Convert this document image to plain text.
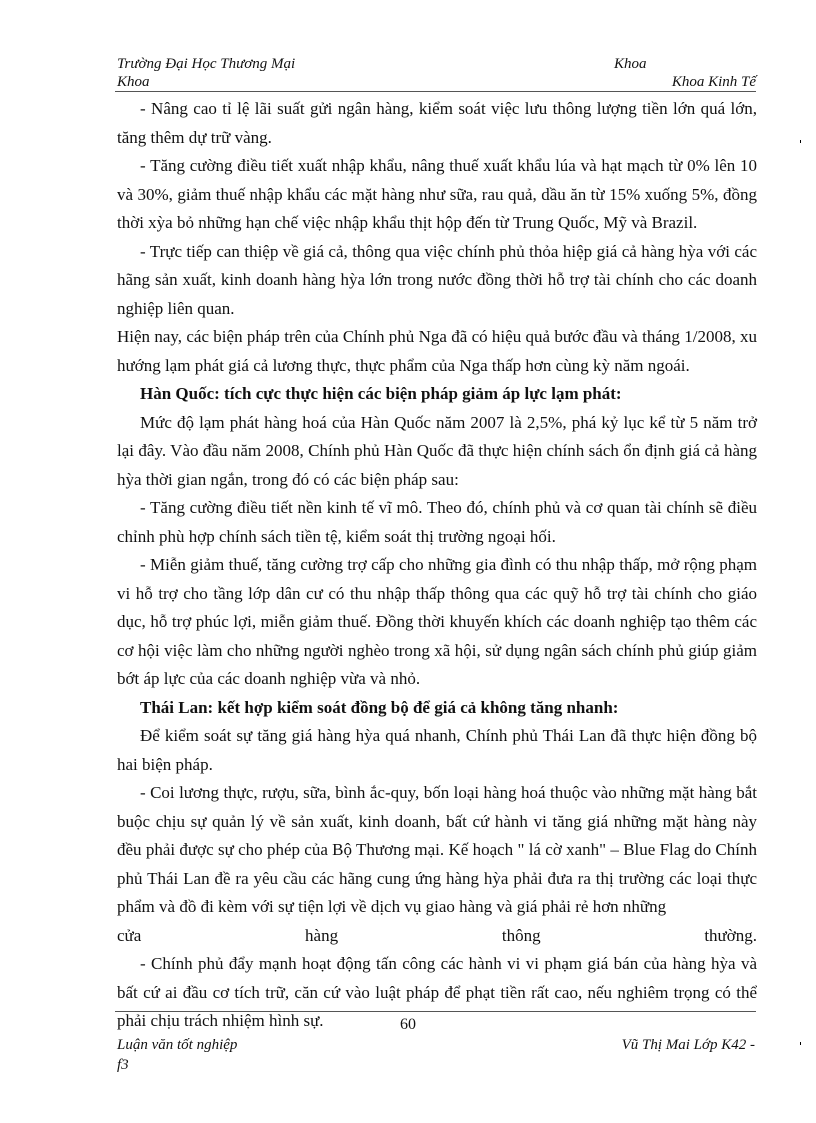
Trường Đại Học Thương Mại	Khoa
Khoa	Khoa Kinh Tế

- Nâng cao tỉ lệ lãi suất gửi ngân hàng, kiểm soát việc lưu thông lượng tiền lớn quá lớn, tăng thêm dự trữ vàng.

- Tăng cường điều tiết xuất nhập khẩu, nâng thuế xuất khẩu lúa và hạt mạch từ 0% lên 10 và 30%, giảm thuế nhập khẩu các mặt hàng như sữa, rau quả, dầu ăn từ 15% xuống 5%, đồng thời xỳa bỏ những hạn chế việc nhập khẩu thịt hộp đến từ Trung Quốc, Mỹ và Brazil.

- Trực tiếp can thiệp về giá cả, thông qua việc chính phủ thỏa hiệp giá cả hàng hỳa với các hãng sản xuất, kinh doanh hàng hỳa lớn trong nước đồng thời hỗ trợ tài chính cho các doanh nghiệp liên quan.

Hiện nay, các biện pháp trên của Chính phủ Nga đã có hiệu quả bước đầu và tháng 1/2008, xu hướng lạm phát giá cả lương thực, thực phẩm của Nga thấp hơn cùng kỳ năm ngoái.

Hàn Quốc: tích cực thực hiện các biện pháp giảm áp lực lạm phát:

Mức độ lạm phát hàng hoá của Hàn Quốc năm 2007 là 2,5%, phá kỷ lục kể từ 5 năm trở lại đây. Vào đầu năm 2008, Chính phủ Hàn Quốc đã thực hiện chính sách ổn định giá cả hàng hỳa thời gian ngắn, trong đó có các biện pháp sau:

- Tăng cường điều tiết nền kinh tế vĩ mô. Theo đó, chính phủ và cơ quan tài chính sẽ điều chỉnh phù hợp chính sách tiền tệ, kiểm soát thị trường ngoại hối.

- Miễn giảm thuế, tăng cường trợ cấp cho những gia đình có thu nhập thấp, mở rộng phạm vi hỗ trợ cho tầng lớp dân cư có thu nhập thấp thông qua các quỹ hỗ trợ tài chính cho giáo dục, hỗ trợ phúc lợi, miễn giảm thuế. Đồng thời khuyến khích các doanh nghiệp tạo thêm các cơ hội việc làm cho những người nghèo trong xã hội, sử dụng ngân sách chính phủ giúp giảm bớt áp lực của các doanh nghiệp vừa và nhỏ.

Thái Lan: kết hợp kiểm soát đồng bộ để giá cả không tăng nhanh:

Để kiểm soát sự tăng giá hàng hỳa quá nhanh, Chính phủ Thái Lan đã thực hiện đồng bộ hai biện pháp.

- Coi lương thực, rượu, sữa, bình ắc-quy, bốn loại hàng hoá thuộc vào những mặt hàng bắt buộc chịu sự quản lý về sản xuất, kinh doanh, bất cứ hành vi tăng giá những mặt hàng này đều phải được sự cho phép của Bộ Thương mại. Kế hoạch " lá cờ xanh" – Blue Flag do Chính phủ Thái Lan đề ra yêu cầu các hãng cung ứng hàng hỳa phải đưa ra thị trường các loại thực phẩm và đồ đi kèm với sự tiện lợi về dịch vụ giao hàng và giá phải rẻ hơn những

cửa hàng thông thường.

- Chính phủ đẩy mạnh hoạt động tấn công các hành vi vi phạm giá bán của hàng hỳa và bất cứ ai đầu cơ tích trữ, căn cứ vào luật pháp để phạt tiền rất cao, nếu nghiêm trọng có thể phải chịu trách nhiệm hình sự.	60
Luận văn tốt nghiệp
f3
Vũ Thị Mai Lớp K42 -
